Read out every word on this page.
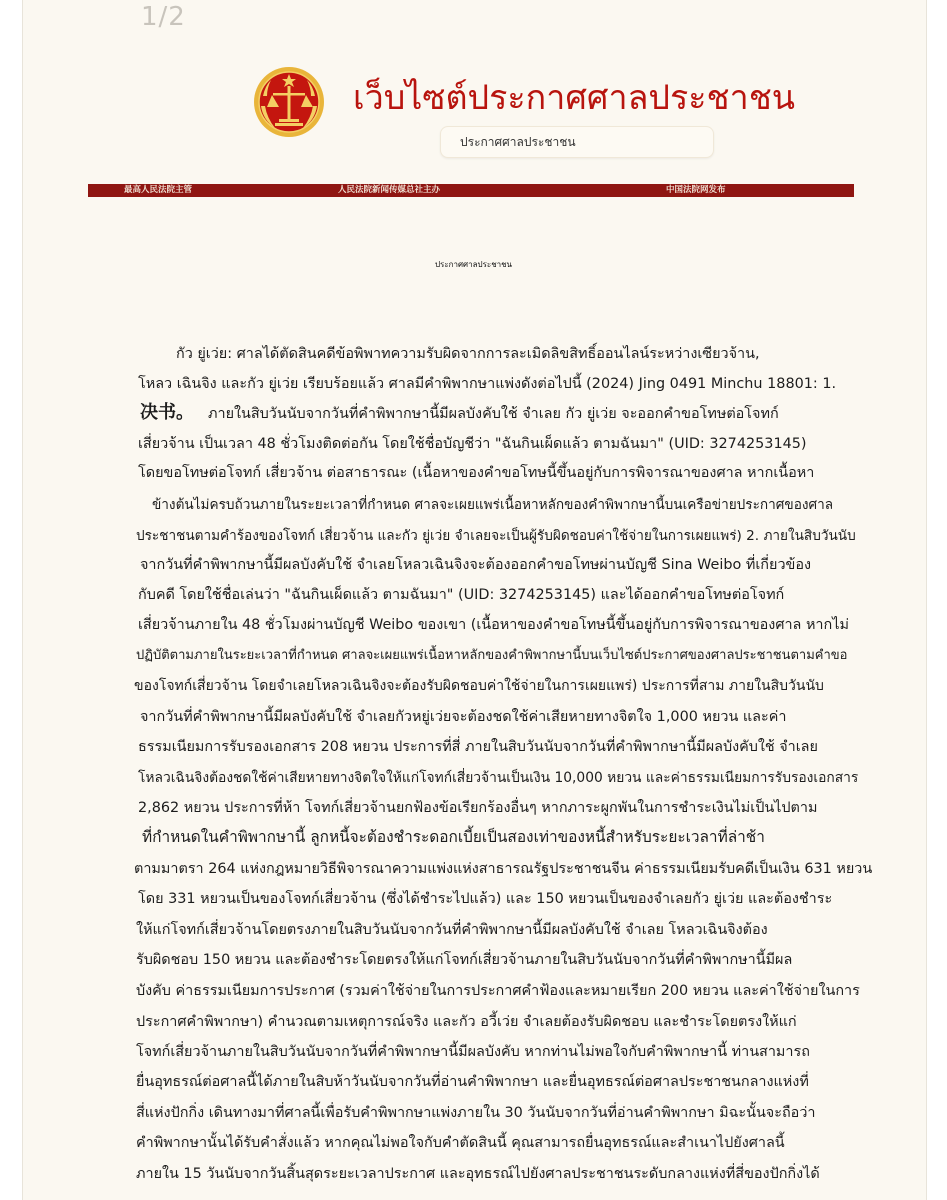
1/2
เว็บไซต์ประกาศศาลประชาชน
ประกาศศาลประชาชน
最高人民法院主管	人民法院新闻传媒总社主办	中国法院网发布
ประกาศศาลประชาชน
กัว ยู่เว่ย: ศาลได้ตัดสินคดีข้อพิพาทความรับผิดจากการละเมิดลิขสิทธิ์ออนไลน์ระหว่างเซียวจ้าน,
โหลว เฉินจิง และกัว ยู่เว่ย เรียบร้อยแล้ว ศาลมีคำพิพากษาแพ่งดังต่อไปนี้ (2024) Jing 0491 Minchu 18801: 1.
决书。 ภายในสิบวันนับจากวันที่คำพิพากษานี้มีผลบังคับใช้ จำเลย กัว ยู่เว่ย จะออกคำขอโทษต่อโจทก์
เสี่ยวจ้าน เป็นเวลา 48 ชั่วโมงติดต่อกัน โดยใช้ชื่อบัญชีว่า "ฉันกินเผ็ดแล้ว ตามฉันมา" (UID: 3274253145)
โดยขอโทษต่อโจทก์ เสี่ยวจ้าน ต่อสาธารณะ (เนื้อหาของคำขอโทษนี้ขึ้นอยู่กับการพิจารณาของศาล หากเนื้อหา
ข้างต้นไม่ครบถ้วนภายในระยะเวลาที่กำหนด ศาลจะเผยแพร่เนื้อหาหลักของคำพิพากษานี้บนเครือข่ายประกาศของศาล
ประชาชนตามคำร้องของโจทก์ เสี่ยวจ้าน และกัว ยู่เว่ย จำเลยจะเป็นผู้รับผิดชอบค่าใช้จ่ายในการเผยแพร่) 2. ภายในสิบวันนับ
จากวันที่คำพิพากษานี้มีผลบังคับใช้ จำเลยโหลวเฉินจิงจะต้องออกคำขอโทษผ่านบัญชี Sina Weibo ที่เกี่ยวข้อง
กับคดี โดยใช้ชื่อเล่นว่า "ฉันกินเผ็ดแล้ว ตามฉันมา" (UID: 3274253145) และได้ออกคำขอโทษต่อโจทก์
เสี่ยวจ้านภายใน 48 ชั่วโมงผ่านบัญชี Weibo ของเขา (เนื้อหาของคำขอโทษนี้ขึ้นอยู่กับการพิจารณาของศาล หากไม่
ปฏิบัติตามภายในระยะเวลาที่กำหนด ศาลจะเผยแพร่เนื้อหาหลักของคำพิพากษานี้บนเว็บไซต์ประกาศของศาลประชาชนตามคำขอ
ของโจทก์เสี่ยวจ้าน โดยจำเลยโหลวเฉินจิงจะต้องรับผิดชอบค่าใช้จ่ายในการเผยแพร่) ประการที่สาม ภายในสิบวันนับ
จากวันที่คำพิพากษานี้มีผลบังคับใช้ จำเลยกัวหยู่เว่ยจะต้องชดใช้ค่าเสียหายทางจิตใจ 1,000 หยวน และค่า
ธรรมเนียมการรับรองเอกสาร 208 หยวน ประการที่สี่ ภายในสิบวันนับจากวันที่คำพิพากษานี้มีผลบังคับใช้ จำเลย
โหลวเฉินจิงต้องชดใช้ค่าเสียหายทางจิตใจให้แก่โจทก์เสี่ยวจ้านเป็นเงิน 10,000 หยวน และค่าธรรมเนียมการรับรองเอกสาร
2,862 หยวน ประการที่ห้า โจทก์เสี่ยวจ้านยกฟ้องข้อเรียกร้องอื่นๆ หากภาระผูกพันในการชำระเงินไม่เป็นไปตาม
ที่กำหนดในคำพิพากษานี้ ลูกหนี้จะต้องชำระดอกเบี้ยเป็นสองเท่าของหนี้สำหรับระยะเวลาที่ล่าช้า
ตามมาตรา 264 แห่งกฎหมายวิธีพิจารณาความแพ่งแห่งสาธารณรัฐประชาชนจีน ค่าธรรมเนียมรับคดีเป็นเงิน 631 หยวน
โดย 331 หยวนเป็นของโจทก์เสี่ยวจ้าน (ซึ่งได้ชำระไปแล้ว) และ 150 หยวนเป็นของจำเลยกัว ยู่เว่ย และต้องชำระ
ให้แก่โจทก์เสี่ยวจ้านโดยตรงภายในสิบวันนับจากวันที่คำพิพากษานี้มีผลบังคับใช้ จำเลย โหลวเฉินจิงต้อง
รับผิดชอบ 150 หยวน และต้องชำระโดยตรงให้แก่โจทก์เสี่ยวจ้านภายในสิบวันนับจากวันที่คำพิพากษานี้มีผล
บังคับ ค่าธรรมเนียมการประกาศ (รวมค่าใช้จ่ายในการประกาศคำฟ้องและหมายเรียก 200 หยวน และค่าใช้จ่ายในการ
ประกาศคำพิพากษา) คำนวณตามเหตุการณ์จริง และกัว อวี้เว่ย จำเลยต้องรับผิดชอบ และชำระโดยตรงให้แก่
โจทก์เสี่ยวจ้านภายในสิบวันนับจากวันที่คำพิพากษานี้มีผลบังคับ หากท่านไม่พอใจกับคำพิพากษานี้ ท่านสามารถ
ยื่นอุทธรณ์ต่อศาลนี้ได้ภายในสิบห้าวันนับจากวันที่อ่านคำพิพากษา และยื่นอุทธรณ์ต่อศาลประชาชนกลางแห่งที่
สี่แห่งปักกิ่ง เดินทางมาที่ศาลนี้เพื่อรับคำพิพากษาแพ่งภายใน 30 วันนับจากวันที่อ่านคำพิพากษา มิฉะนั้นจะถือว่า
คำพิพากษานั้นได้รับคำสั่งแล้ว หากคุณไม่พอใจกับคำตัดสินนี้ คุณสามารถยื่นอุทธรณ์และสำเนาไปยังศาลนี้
ภายใน 15 วันนับจากวันสิ้นสุดระยะเวลาประกาศ และอุทธรณ์ไปยังศาลประชาชนระดับกลางแห่งที่สี่ของปักกิ่งได้
